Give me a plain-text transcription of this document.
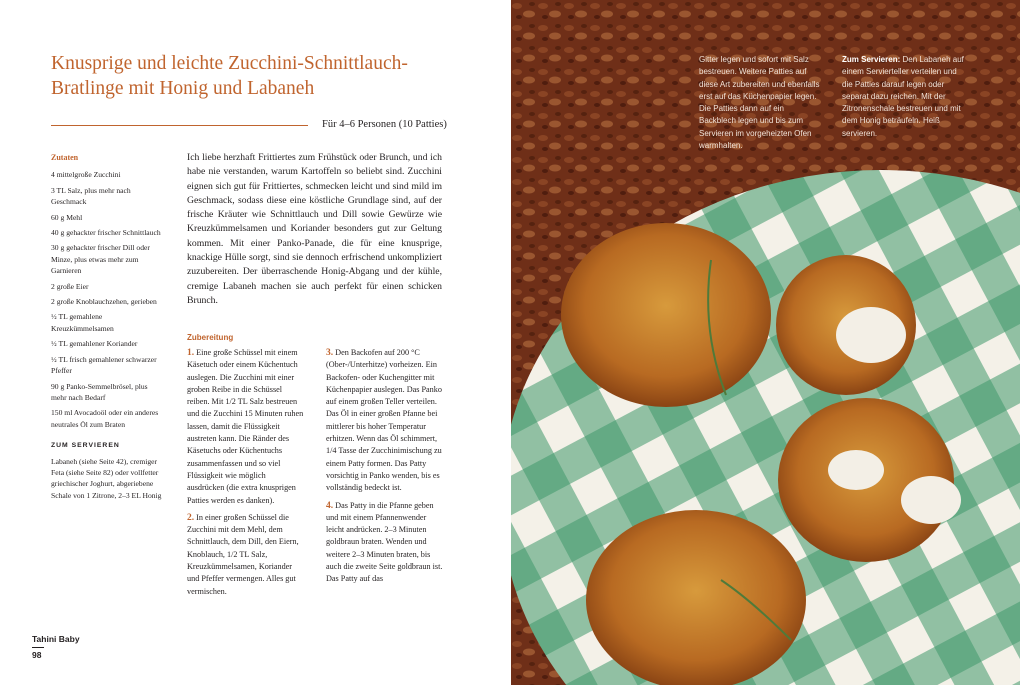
Knusprige und leichte Zucchini-Schnittlauch-Bratlinge mit Honig und Labaneh
Für 4–6 Personen (10 Patties)

Zutaten

4 mittelgroße Zucchini

3 TL Salz, plus mehr nach Geschmack

60 g Mehl

40 g gehackter frischer Schnittlauch

30 g gehackter frischer Dill oder Minze, plus etwas mehr zum Garnieren

2 große Eier

2 große Knoblauchzehen, gerieben

½ TL gemahlene Kreuzkümmelsamen

½ TL gemahlener Koriander

½ TL frisch gemahlener schwarzer Pfeffer

90 g Panko-Semmelbrösel, plus mehr nach Bedarf

150 ml Avocadoöl oder ein anderes neutrales Öl zum Braten

ZUM SERVIEREN

Labaneh (siehe Seite 42), cremiger Feta (siehe Seite 82) oder vollfetter griechischer Joghurt, abgeriebene Schale von 1 Zitrone, 2–3 EL Honig

Ich liebe herzhaft Frittiertes zum Frühstück oder Brunch, und ich habe nie verstanden, warum Kartoffeln so beliebt sind. Zucchini eignen sich gut für Frittiertes, schmecken leicht und sind mild im Geschmack, sodass diese eine köstliche Grundlage sind, auf der frische Kräuter wie Schnittlauch und Dill sowie Gewürze wie Kreuzkümmelsamen und Koriander besonders gut zur Geltung kommen. Mit einer Panko-Panade, die für eine knusprige, knackige Hülle sorgt, sind sie dennoch erfrischend unkompliziert zuzubereiten. Der überraschende Honig-Abgang und der kühle, cremige Labaneh machen sie auch perfekt für einen schicken Brunch.

Zubereitung

1. Eine große Schüssel mit einem Käsetuch oder einem Küchentuch auslegen. Die Zucchini mit einer groben Reibe in die Schüssel reiben. Mit 1/2 TL Salz bestreuen und die Zucchini 15 Minuten ruhen lassen, damit die Flüssigkeit austreten kann. Die Ränder des Käsetuchs oder Küchentuchs zusammenfassen und so viel Flüssigkeit wie möglich ausdrücken (die extra knusprigen Patties werden es danken).

2. In einer großen Schüssel die Zucchini mit dem Mehl, dem Schnittlauch, dem Dill, den Eiern, Knoblauch, 1/2 TL Salz, Kreuzkümmelsamen, Koriander und Pfeffer vermengen. Alles gut vermischen.

3. Den Backofen auf 200 °C (Ober-/Unterhitze) vorheizen. Ein Backofen- oder Kuchengitter mit Küchenpapier auslegen. Das Panko auf einem großen Teller verteilen. Das Öl in einer großen Pfanne bei mittlerer bis hoher Temperatur erhitzen. Wenn das Öl schimmert, 1/4 Tasse der Zucchinimischung zu einem Patty formen. Das Patty vorsichtig in Panko wenden, bis es vollständig bedeckt ist.

4. Das Patty in die Pfanne geben und mit einem Pfannenwender leicht andrücken. 2–3 Minuten goldbraun braten. Wenden und weitere 2–3 Minuten braten, bis auch die zweite Seite goldbraun ist. Das Patty auf das

Tahini Baby
98

Gitter legen und sofort mit Salz bestreuen. Weitere Patties auf diese Art zubereiten und ebenfalls erst auf das Küchenpapier legen. Die Patties dann auf ein Backblech legen und bis zum Servieren im vorgeheizten Ofen warmhalten.

Zum Servieren: Den Labaneh auf einem Servierteller verteilen und die Patties darauf legen oder separat dazu reichen. Mit der Zitronenschale bestreuen und mit dem Honig beträufeln. Heiß servieren.
